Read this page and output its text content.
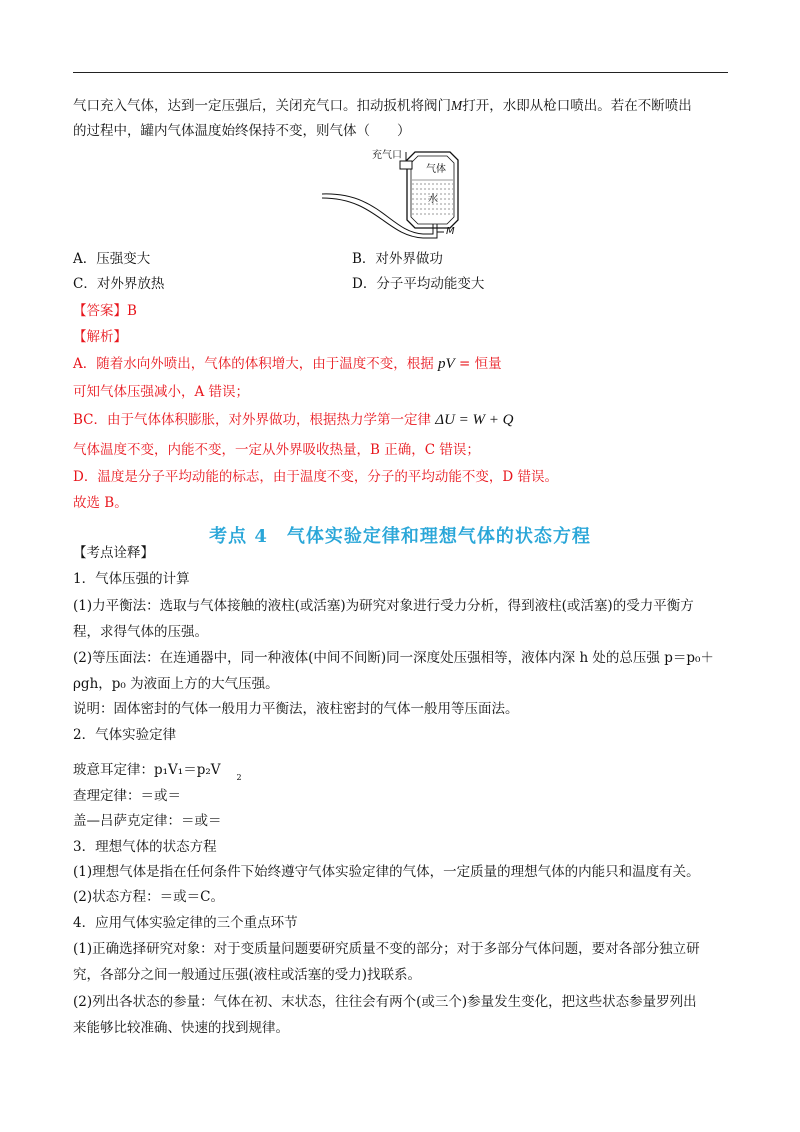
气口充入气体，达到一定压强后，关闭充气口。扣动扳机将阀门M打开，水即从枪口喷出。若在不断喷出
的过程中，罐内气体温度始终保持不变，则气体（　　）
充气口
气体
水
M
A．压强变大	B．对外界做功
C．对外界放热	D．分子平均动能变大
【答案】B
【解析】
A．随着水向外喷出，气体的体积增大，由于温度不变，根据 pV = 恒量
可知气体压强减小，A 错误；
BC．由于气体体积膨胀，对外界做功，根据热力学第一定律 ΔU = W + Q
气体温度不变，内能不变，一定从外界吸收热量，B 正确，C 错误；
D．温度是分子平均动能的标志，由于温度不变，分子的平均动能不变，D 错误。
故选 B。
考点 4　气体实验定律和理想气体的状态方程
【考点诠释】
1．气体压强的计算
(1)力平衡法：选取与气体接触的液柱(或活塞)为研究对象进行受力分析，得到液柱(或活塞)的受力平衡方
程，求得气体的压强。
(2)等压面法：在连通器中，同一种液体(中间不间断)同一深度处压强相等，液体内深 h 处的总压强 p＝p₀＋
ρgh，p₀ 为液面上方的大气压强。
说明：固体密封的气体一般用力平衡法，液柱密封的气体一般用等压面法。
2．气体实验定律
玻意耳定律：p₁V₁＝p₂V $_2$
查理定律：＝或＝
盖—吕萨克定律：＝或＝
3．理想气体的状态方程
(1)理想气体是指在任何条件下始终遵守气体实验定律的气体，一定质量的理想气体的内能只和温度有关。
(2)状态方程：＝或＝C。
4．应用气体实验定律的三个重点环节
(1)正确选择研究对象：对于变质量问题要研究质量不变的部分；对于多部分气体问题，要对各部分独立研
究，各部分之间一般通过压强(液柱或活塞的受力)找联系。
(2)列出各状态的参量：气体在初、末状态，往往会有两个(或三个)参量发生变化，把这些状态参量罗列出
来能够比较准确、快速的找到规律。
